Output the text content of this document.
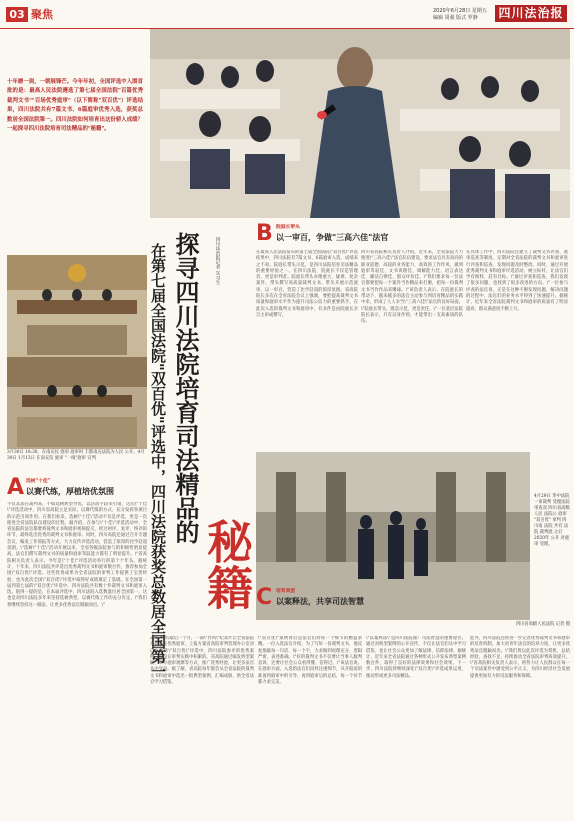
03 聚焦	2020年6月28日 星期五
编辑 周强 版式 罗静	四川法治报
十年磨一剑，一朝展锋芒。今年年初，全国评选中入围首批的是：最高人民法院遴选了第七届全国法院"百篇优秀裁判文书""百场优秀庭审"（以下简称"双百优"）评选结果，四川法院共有7篇文书、6篇庭审优秀入选，获奖总数居全国法院第一。四川法院如何培育出这份骄人成绩？一起探寻四川法院培育司法精品的"秘籍"。
四川法治报记者 实习生
探寻四川法院培育司法精品的
在第七届全国法院"双百优"评选中，四川法院获奖总数居全国第一
3月30日 18:30，在南充仪 庭审 庭审时 丰都南充法院为人民 公开。4月30日 1月13日 在南充仪 庭审 "一线"庭审 宣判
A 选树"十佳"
以赛代练，厚植培优氛围
不仅其法在裁判来，不如选树典型导优，以活动手段来引领，这次\"十佳\"评选活动中，四川省高院立足实际，以赛代练的方式，充分发挥各项目的示范引领作用。在我们看来，选树\"十佳\"活动不仅是评选，更是一次推进全省法院队伍建设的过程。据介绍，在参与\"十佳\"评选活动中，全省法院的法官都要将裁判文书和庭审视频提交，经过初评、复评、终评的环节，最终选出优秀的裁判文书和庭审。同时，四川高院还通过召开专题会议、编发工作简报等方式，大力宣传评选活动，营造了浓厚的比学赶超氛围。\"选树\"十佳\"活动开展以来，全省各级法院参与的积极性明显提高，法官们撰写裁判文书的质量和庭审驾驭能力都有了明显提升。\"省高院相关负责人表示。今年是\"十佳\"评选活动举行的第十个年头。据统计，十年来，四川法院共评选出优秀裁判文书和庭审数百件，推荐参加全国\"双百优\"评选。这些优秀成果为全省法院的审判工作提供了宝贵经验，也为此次全国\"双百优\"评选中取得好成绩奠定了基础。在全国第一届到第七届的\"双百优\"评选中，四川法院共有数十件裁判文书和庭审入选。值得一提的是，在本届评选中，四川法院入选数量位居全国第一，这也是对四川法院多年来坚持选树典型、以赛代练工作的充分肯定。\"我们将继续坚持这一做法，让更多优秀法官脱颖而出。\"
B 院庭长带头
以一审百，争做"三高六佳"法官
在最高人民法院发布的第七届全国法院\"双百优\"评选结果中，四川法院有7篇文书、6篇庭审入选，成绩来之不易。院庭长带头示范，是四川法院培育司法精品的重要经验之一。在四川法院，院庭长不仅是管理者，更是审判者。院庭长带头办理重大、疑难、复杂案件，带头撰写高质量裁判文书，带头开展示范庭审，以一审百，营造了比学赶超的浓厚氛围。省高院院长多次在全省法院会议上强调，要把提高裁判文书质量和庭审水平作为提升司法公信力的重要抓手。在此次入选的裁判文书和庭审中，有多件是由院庭长亲自主审或撰写。
四川省高院相关负责人介绍，近年来，全省法院大力推进\"三高六佳\"法官队伍建设，要求法官具有高尚的职业道德、高超的业务能力、高效的工作作风，做到庭审驾驭佳、文书说理佳、调解能力佳、语言表达佳、廉洁自律佳、群众评价佳。\"我们要求每一位法官都要把每一个案件当作精品来打磨，把每一份裁判文书当作作品来雕琢。\"该负责人表示。在院庭长的带动下，越来越多的法官主动参与到培育精品的实践中来，形成了人人争当\"三高六佳\"法官的良好局面。\"院庭长带头，既是示范，更是责任。\"一位基层法院院长表示，只有以身作则，才能带出一支高素质的队伍。
在具体工作中，四川法院还建立了裁判文书评查、庭审巡查等制度，定期对全省法院的裁判文书和庭审进行评查和巡查，发现问题及时整改。同时，通过开展优秀裁判文书和庭审评选活动，树立标杆，让法官们学有榜样、赶有目标。\"通过评查和巡查，我们发现了很多问题，也找到了很多改进的方向。\"一位参与评查的法官说，正是在这种不断发现问题、解决问题的过程中，法官们的业务水平得到了快速提升。据统计，近年来全省法院裁判文书和庭审的质量有了明显提高，群众满意度不断上升。
4月29日 华中法院一审裁判 受理法院审查双 四川省高级人民 法院公 庭审 "双百优" 审判 四川南 法院 共有 法院 裁判庭 之后 2020年 公开 对庭审 受理。
四川省高级人民法院 记者 摄
秘籍 C 培育典型
以案释法，共享司法智慧
2017年的最后一个月，一部\"作风\"纪录片让全省法院开始关注优秀庭审。上报方案省高院审判管理办公室对以下简称\"双百优\"评选中，四川法院参评的优秀案例，多是在审判实践中积累的。省高院通过编发典型案例、举办庭审观摩等方式，推广优秀经验，让更多法官从中受益。据了解，省高院每年都会从全省法院的裁判文书和庭审中选出一批典型案例，汇编成册，供全省法官学习借鉴。
\"双百优\"案例背后是法官们对每一个细节的精益求精。一位入选法官介绍，为了写好一份裁判文书，他反复推敲每一句话、每一个字，力求做到说理充分、逻辑严密、表述准确。\"好的裁判文书不仅要让当事人服判息诉，还要让社会公众看得懂、信得过。\"该法官说。在庭审方面，入选的法官们同样注重细节，从开庭前的准备到庭审中的引导，再到庭审后的总结，每一个环节都力求完美。
\"以案释法\"是四川法院推广司法智慧的重要途径。通过对典型案例的公开宣传，不仅让法官们从中学习借鉴，也让社会公众更加了解法律、信仰法律。据统计，近年来全省法院通过各种形式公开发布典型案例数百件，取得了良好的法律效果和社会效果。下一步，四川法院将继续深化\"双百优\"评选成果运用，推动形成更多司法精品。
此外，四川法院还将进一步完善优秀裁判文书和庭审的培育机制，加大对青年法官的培养力度，让更多优秀法官脱颖而出。\"我们将以此次评选为契机，总结经验，查找不足，持续推动全省法院审判质效提升。\"省高院相关负责人表示，将努力让人民群众在每一个司法案件中感受到公平正义，为四川经济社会发展提供更加有力的司法服务和保障。
